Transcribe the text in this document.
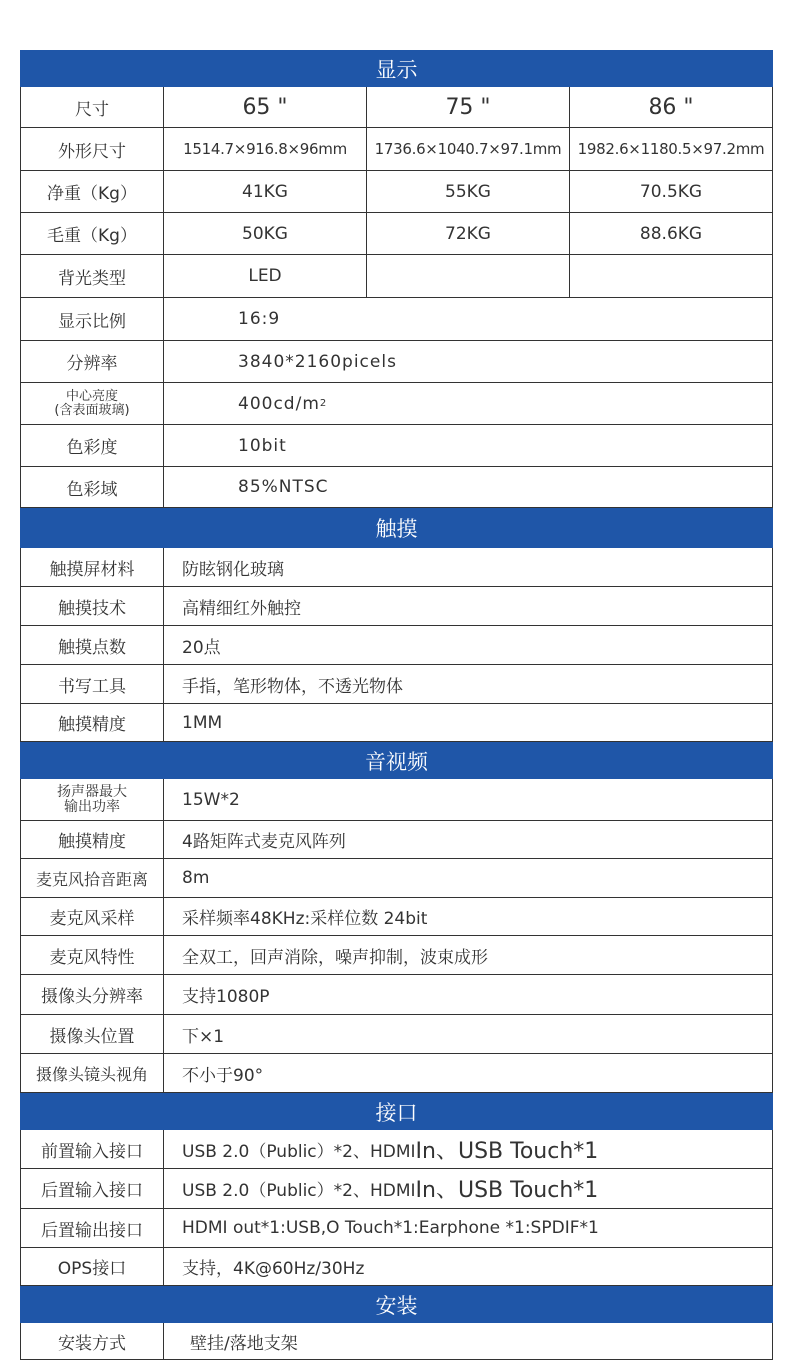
显示
尺寸	65 "	75 "	86 "
外形尺寸	1514.7×916.8×96mm	1736.6×1040.7×97.1mm	1982.6×1180.5×97.2mm
净重（Kg）	41KG	55KG	70.5KG
毛重（Kg）	50KG	72KG	88.6KG
背光类型	LED
显示比例	16:9
分辨率	3840*2160picels
中心亮度
(含表面玻璃)	400cd/m 2
色彩度	10bit
色彩域	85%NTSC
触摸
触摸屏材料	防眩钢化玻璃
触摸技术	高精细红外触控
触摸点数	20点
书写工具	手指，笔形物体，不透光物体
触摸精度	1MM
音视频
扬声器最大
输出功率	15W*2
触摸精度	4路矩阵式麦克风阵列
麦克风拾音距离	8m
麦克风采样	采样频率48KHz:采样位数 24bit
麦克风特性	全双工，回声消除，噪声抑制，波束成形
摄像头分辨率	支持1080P
摄像头位置	下×1
摄像头镜头视角	不小于90°
接口
前置输入接口	USB 2.0（Public）*2、HDMI In、USB Touch*1
后置输入接口	USB 2.0（Public）*2、HDMI In、USB Touch*1
后置输出接口	HDMI out*1:USB,O Touch*1:Earphone *1:SPDIF*1
OPS接口	支持，4K@60Hz/30Hz
安装
安装方式	壁挂/落地支架
